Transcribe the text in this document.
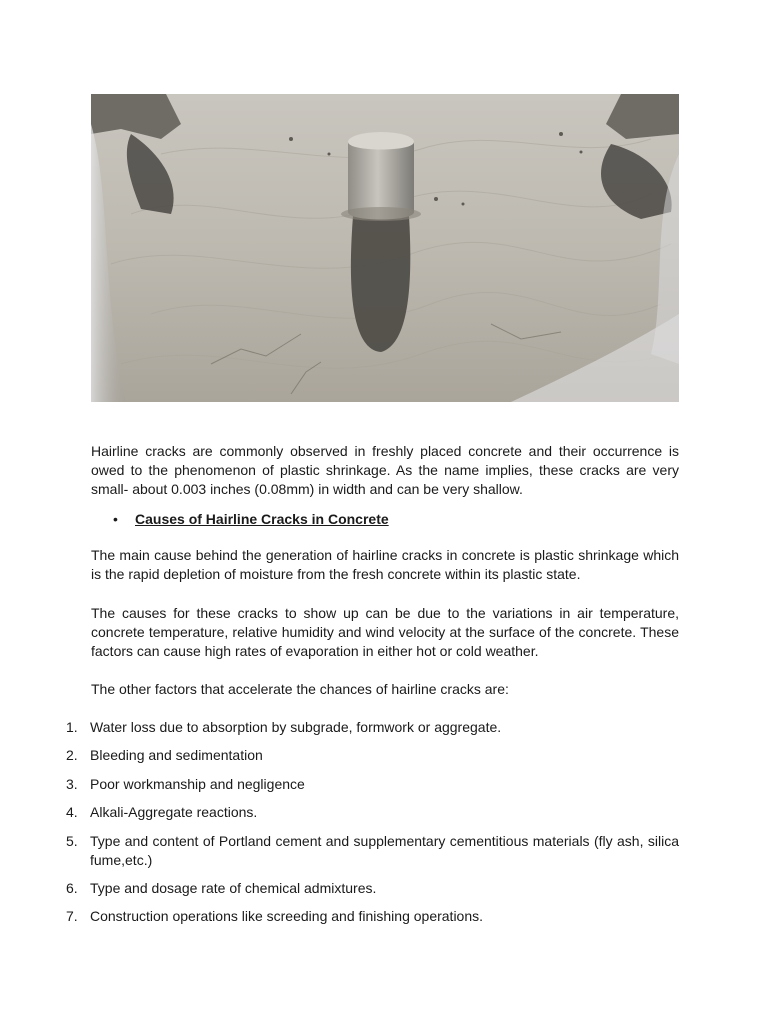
Hairline cracks are commonly observed in freshly placed concrete and their occurrence is owed to the phenomenon of plastic shrinkage. As the name implies, these cracks are very small- about 0.003 inches (0.08mm) in width and can be very shallow.

•	Causes of Hairline Cracks in Concrete

The main cause behind the generation of hairline cracks in concrete is plastic shrinkage which is the rapid depletion of moisture from the fresh concrete within its plastic state.

The causes for these cracks to show up can be due to the variations in air temperature, concrete temperature, relative humidity and wind velocity at the surface of the concrete. These factors can cause high rates of evaporation in either hot or cold weather.

The other factors that accelerate the chances of hairline cracks are:

1. Water loss due to absorption by subgrade, formwork or aggregate.
2. Bleeding and sedimentation
3. Poor workmanship and negligence
4. Alkali-Aggregate reactions.
5. Type and content of Portland cement and supplementary cementitious materials (fly ash, silica fume,etc.)
6. Type and dosage rate of chemical admixtures.
7. Construction operations like screeding and finishing operations.
